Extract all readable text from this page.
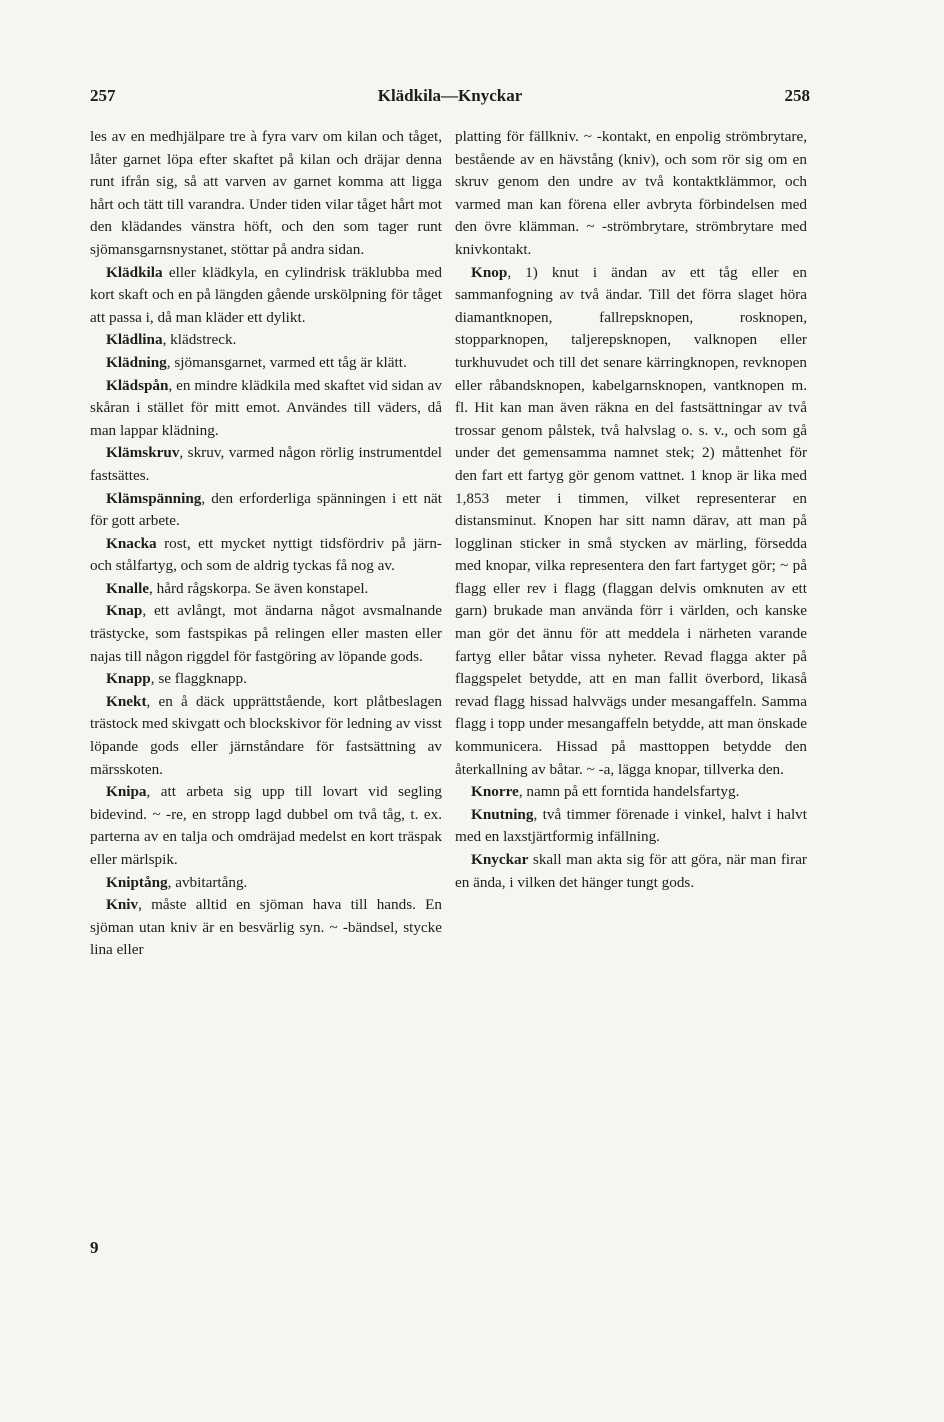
257	Klädkila—Knyckar	258

les av en medhjälpare tre à fyra varv om kilan och tåget, låter garnet löpa efter skaftet på kilan och dräjar denna runt ifrån sig, så att varven av garnet komma att ligga hårt och tätt till varandra. Under tiden vilar tåget hårt mot den klädandes vänstra höft, och den som tager runt sjömansgarnsnystanet, stöttar på andra sidan.

Klädkila eller klädkyla, en cylindrisk träklubba med kort skaft och en på längden gående urskölpning för tåget att passa i, då man kläder ett dylikt.

Klädlina, klädstreck.

Klädning, sjömansgarnet, varmed ett tåg är klätt.

Klädspån, en mindre klädkila med skaftet vid sidan av skåran i stället för mitt emot. Användes till väders, då man lappar klädning.

Klämskruv, skruv, varmed någon rörlig instrumentdel fastsättes.

Klämspänning, den erforderliga spänningen i ett nät för gott arbete.

Knacka rost, ett mycket nyttigt tidsfördriv på järn- och stålfartyg, och som de aldrig tyckas få nog av.

Knalle, hård rågskorpa. Se även konstapel.

Knap, ett avlångt, mot ändarna något avsmalnande trästycke, som fastspikas på relingen eller masten eller najas till någon riggdel för fastgöring av löpande gods.

Knapp, se flaggknapp.

Knekt, en å däck upprättstående, kort plåtbeslagen trästock med skivgatt och blockskivor för ledning av visst löpande gods eller järnståndare för fastsättning av märsskoten.

Knipa, att arbeta sig upp till lovart vid segling bidevind. ~ -re, en stropp lagd dubbel om två tåg, t. ex. parterna av en talja och omdräjad medelst en kort träspak eller märlspik.

Kniptång, avbitartång.

Kniv, måste alltid en sjöman hava till hands. En sjöman utan kniv är en besvärlig syn. ~ -bändsel, stycke lina eller

9

platting för fällkniv. ~ -kontakt, en enpolig strömbrytare, bestående av en hävstång (kniv), och som rör sig om en skruv genom den undre av två kontaktklämmor, och varmed man kan förena eller avbryta förbindelsen med den övre klämman. ~ -strömbrytare, strömbrytare med knivkontakt.

Knop, 1) knut i ändan av ett tåg eller en sammanfogning av två ändar. Till det förra slaget höra diamantknopen, fallrepsknopen, rosknopen, stopparknopen, taljerepsknopen, valknopen eller turkhuvudet och till det senare kärringknopen, revknopen eller råbandsknopen, kabelgarnsknopen, vantknopen m. fl. Hit kan man även räkna en del fastsättningar av två trossar genom pålstek, två halvslag o. s. v., och som gå under det gemensamma namnet stek; 2) måttenhet för den fart ett fartyg gör genom vattnet. 1 knop är lika med 1,853 meter i timmen, vilket representerar en distansminut. Knopen har sitt namn därav, att man på logglinan sticker in små stycken av märling, försedda med knopar, vilka representera den fart fartyget gör; ~ på flagg eller rev i flagg (flaggan delvis omknuten av ett garn) brukade man använda förr i världen, och kanske man gör det ännu för att meddela i närheten varande fartyg eller båtar vissa nyheter. Revad flagga akter på flaggspelet betydde, att en man fallit överbord, likaså revad flagg hissad halvvägs under mesangaffeln. Samma flagg i topp under mesangaffeln betydde, att man önskade kommunicera. Hissad på masttoppen betydde den återkallning av båtar. ~ -a, lägga knopar, tillverka den.

Knorre, namn på ett forntida handelsfartyg.

Knutning, två timmer förenade i vinkel, halvt i halvt med en laxstjärtformig infällning.

Knyckar skall man akta sig för att göra, när man firar en ända, i vilken det hänger tungt gods.
